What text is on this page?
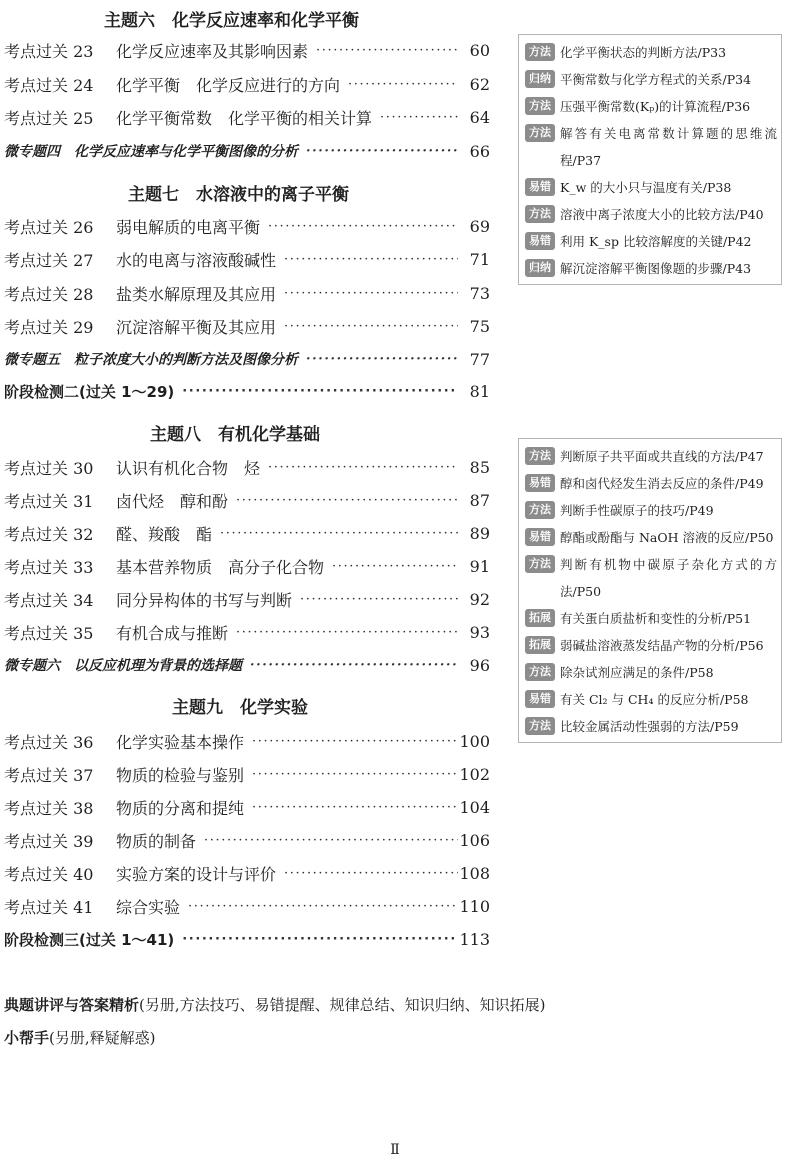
主题六　化学反应速率和化学平衡
主题七　水溶液中的离子平衡
主题八　有机化学基础
主题九　化学实验
考点过关 23	化学反应速率及其影响因素 ·····	60
考点过关 24	化学平衡　化学反应进行的方向 ·····	62
考点过关 25	化学平衡常数　化学平衡的相关计算 ·····	64
微专题四　化学反应速率与化学平衡图像的分析 ·····	66
考点过关 26	弱电解质的电离平衡 ·····	69
考点过关 27	水的电离与溶液酸碱性 ·····	71
考点过关 28	盐类水解原理及其应用 ·····	73
考点过关 29	沉淀溶解平衡及其应用 ·····	75
微专题五　粒子浓度大小的判断方法及图像分析 ·····	77
阶段检测二(过关 1～29) ·····	81
考点过关 30	认识有机化合物　烃 ·····	85
考点过关 31	卤代烃　醇和酚 ·····	87
考点过关 32	醛、羧酸　酯 ·····	89
考点过关 33	基本营养物质　高分子化合物 ·····	91
考点过关 34	同分异构体的书写与判断 ·····	92
考点过关 35	有机合成与推断 ·····	93
微专题六　以反应机理为背景的选择题 ·····	96
考点过关 36	化学实验基本操作 ·····	100
考点过关 37	物质的检验与鉴别 ·····	102
考点过关 38	物质的分离和提纯 ·····	104
考点过关 39	物质的制备 ·····	106
考点过关 40	实验方案的设计与评价 ·····	108
考点过关 41	综合实验 ·····	110
阶段检测三(过关 1～41) ·····	113
方法 化学平衡状态的判断方法/P33
归纳 平衡常数与化学方程式的关系/P34
方法 压强平衡常数(Kₚ)的计算流程/P36
方法 解答有关电离常数计算题的思维流程/P37
易错 K_w 的大小只与温度有关/P38
方法 溶液中离子浓度大小的比较方法/P40
易错 利用 K_sp 比较溶解度的关键/P42
归纳 解沉淀溶解平衡图像题的步骤/P43
方法 判断原子共平面或共直线的方法/P47
易错 醇和卤代烃发生消去反应的条件/P49
方法 判断手性碳原子的技巧/P49
易错 醇酯或酚酯与 NaOH 溶液的反应/P50
方法 判断有机物中碳原子杂化方式的方法/P50
拓展 有关蛋白质盐析和变性的分析/P51
拓展 弱碱盐溶液蒸发结晶产物的分析/P56
方法 除杂试剂应满足的条件/P58
易错 有关 Cl₂ 与 CH₄ 的反应分析/P58
方法 比较金属活动性强弱的方法/P59
典题讲评与答案精析(另册,方法技巧、易错提醒、规律总结、知识归纳、知识拓展)
小帮手(另册,释疑解惑)
Ⅱ
